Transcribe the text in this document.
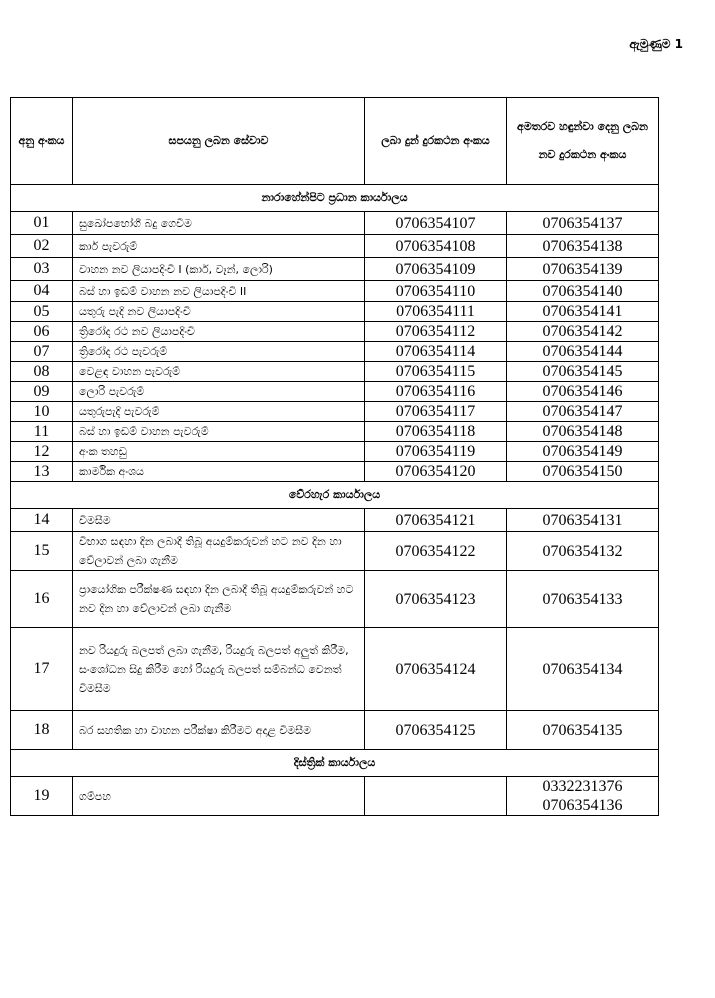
ඇමුණුම 1
අනු අංකය	සපයනු ලබන සේවාව	ලබා දුන් දුරකථන අංකය	අමතරව හඳුන්වා දෙනු ලබන නව දුරකථන අංකය
නාරාහේන්පිට ප්‍රධාන කාර්යාලය			
01	සුඛෝපභෝගී බදු ගෙවීම	0706354107	0706354137
02	කාර් පැවරුම්	0706354108	0706354138
03	වාහන නව ලියාපදිංචි I (කාර්, වෑන්, ලොරි)	0706354109	0706354139
04	බස් හා ඉඩම් වාහන නව ලියාපදිංචි II	0706354110	0706354140
05	යතුරු පැදි නව ලියාපදිංචි	0706354111	0706354141
06	ත්‍රිරෝද රථ නව ලියාපදිංචි	0706354112	0706354142
07	ත්‍රිරෝද රථ පැවරුම්	0706354114	0706354144
08	වෙළඳ වාහන පැවරුම්	0706354115	0706354145
09	ලොරි පැවරුම්	0706354116	0706354146
10	යතුරුපැදි පැවරුම්	0706354117	0706354147
11	බස් හා ඉඩම් වාහන පැවරුම්	0706354118	0706354148
12	අංක තහඩු	0706354119	0706354149
13	කාර්මික අංශය	0706354120	0706354150
වේරහැර කාර්යාලය			
14	විමසීම	0706354121	0706354131
15	විභාග සඳහා දින ලබාදී තිබූ අයදුම්කරුවන් හට නව දින හා වේලාවන් ලබා ගැනීම	0706354122	0706354132
16	ප්‍රායෝගික පරීක්ෂණ සඳහා දින ලබාදී තිබූ අයදුම්කරුවන් හට නව දින හා වේලාවන් ලබා ගැනීම	0706354123	0706354133
17	නව රියදුරු බලපත් ලබා ගැනීම, රියදුරු බලපත් අලුත් කිරීම, සංශෝධන සිදු කිරීම හෝ රියදුරු බලපත් සම්බන්ධ වෙනත් විමසීම	0706354124	0706354134
18	බර සහතික හා වාහන පරීක්ෂා කිරීමට අදාළ විමසීම	0706354125	0706354135
දිස්ත්‍රික් කාර්යාලය			
19	ගම්පහ		0332231376
0706354136
